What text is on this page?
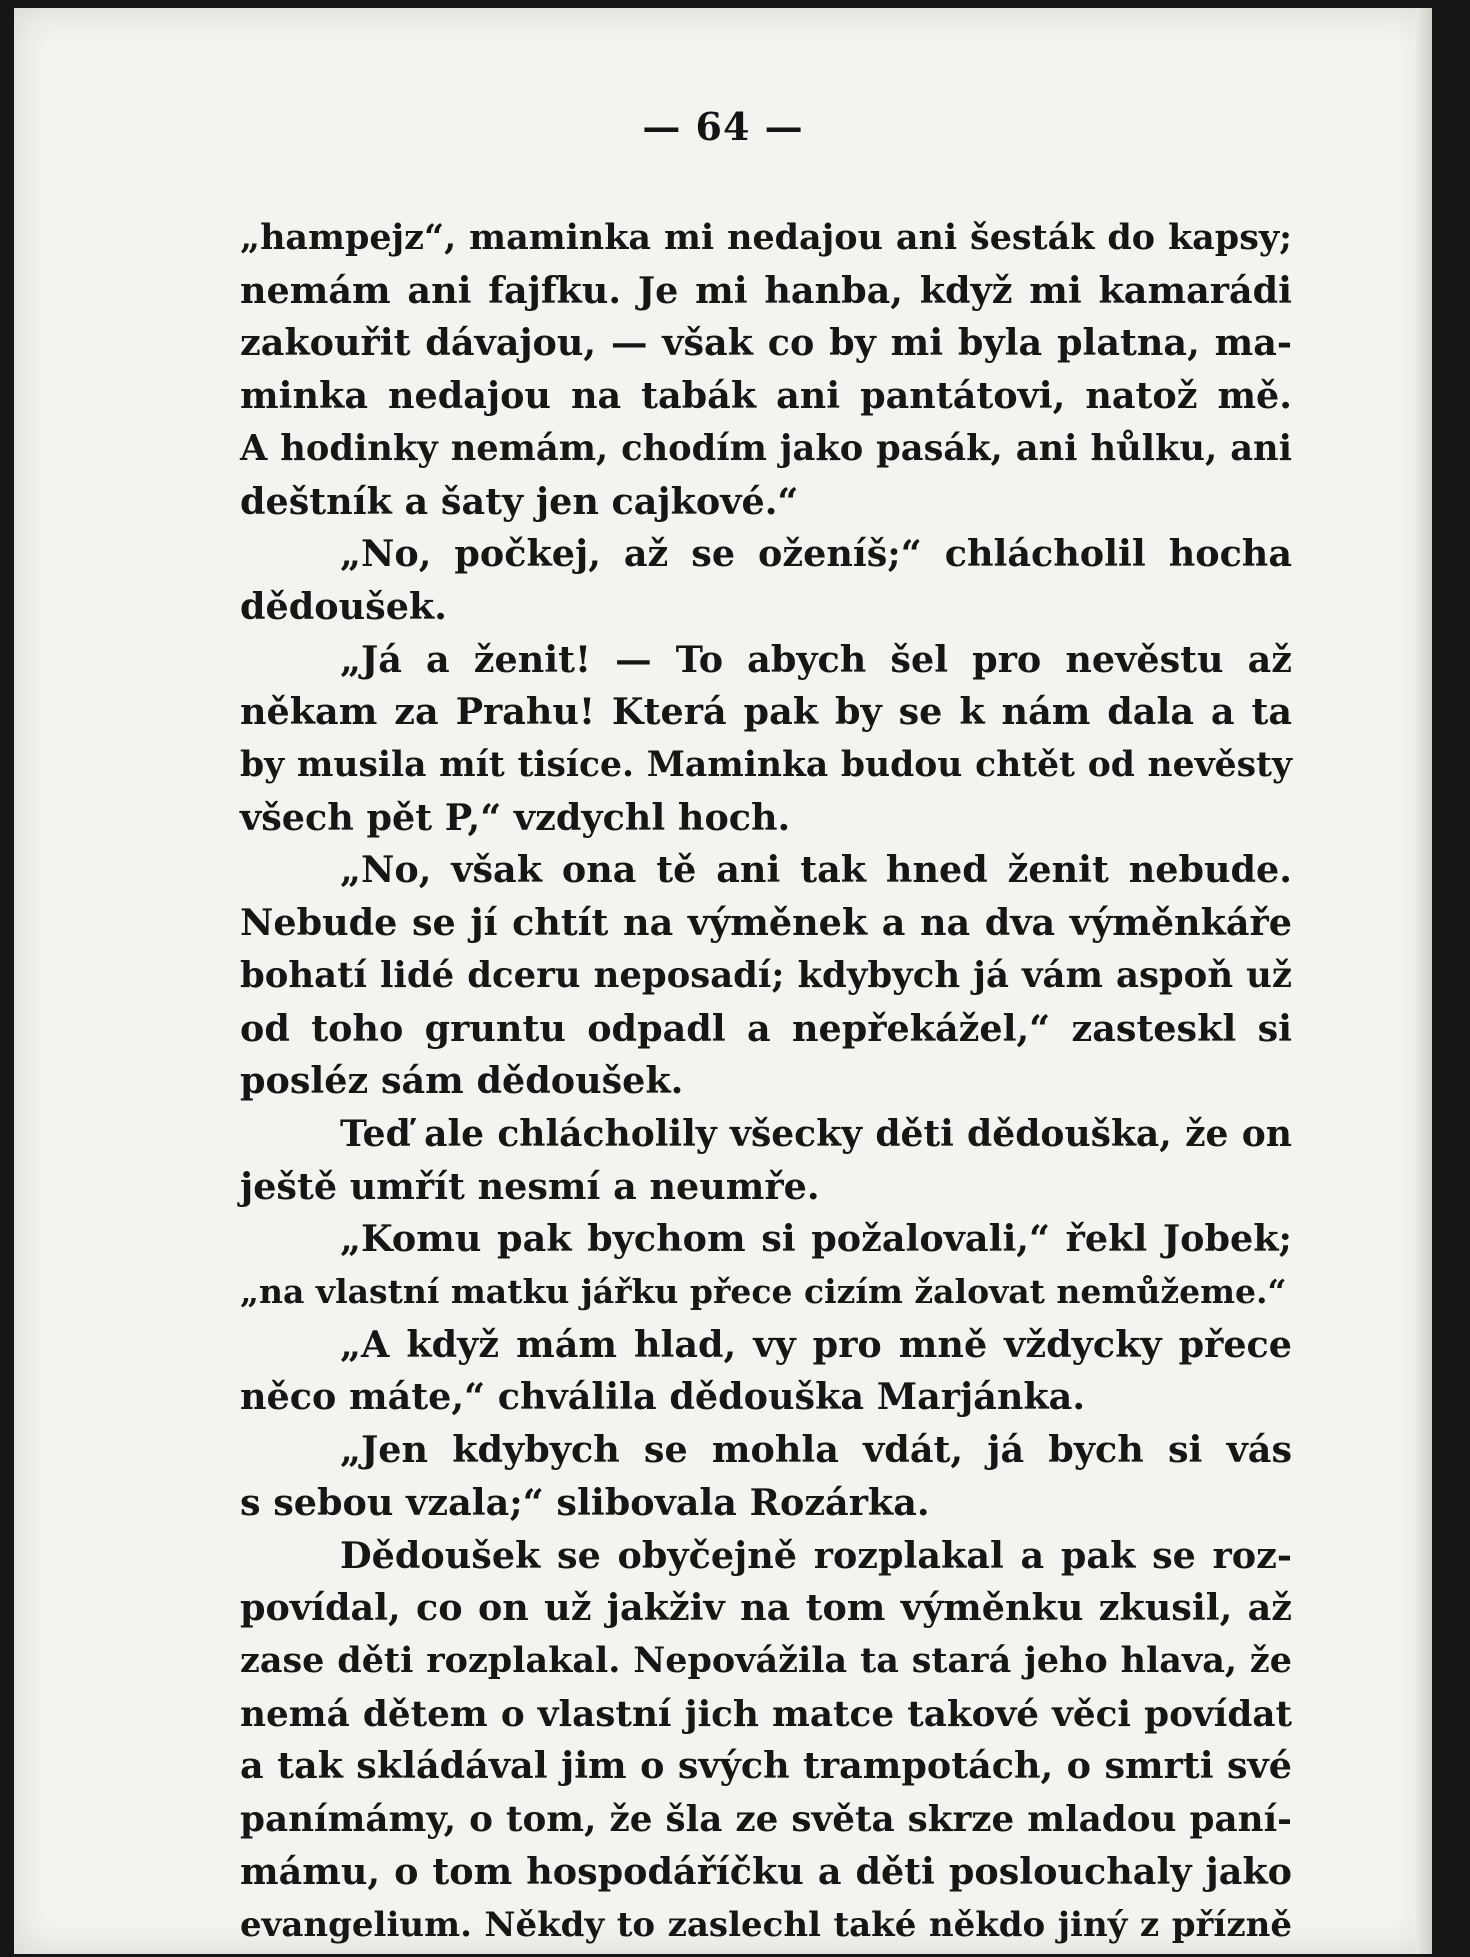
— 64 —
„hampejz“, maminka mi nedajou ani šesták do kapsy;
nemám ani fajfku. Je mi hanba, když mi kamarádi
zakouřit dávajou, — však co by mi byla platna, ma-
minka nedajou na tabák ani pantátovi, natož mě.
A hodinky nemám, chodím jako pasák, ani hůlku, ani
deštník a šaty jen cajkové.“
„No, počkej, až se oženíš;“ chlácholil hocha
dědoušek.
„Já a ženit! — To abych šel pro nevěstu až
někam za Prahu! Která pak by se k nám dala a ta
by musila mít tisíce. Maminka budou chtět od nevěsty
všech pět P,“ vzdychl hoch.
„No, však ona tě ani tak hned ženit nebude.
Nebude se jí chtít na výměnek a na dva výměnkáře
bohatí lidé dceru neposadí; kdybych já vám aspoň už
od toho gruntu odpadl a nepřekážel,“ zasteskl si
posléz sám dědoušek.
Teď ale chlácholily všecky děti dědouška, že on
ještě umřít nesmí a neumře.
„Komu pak bychom si požalovali,“ řekl Jobek;
„na vlastní matku jářku přece cizím žalovat nemůžeme.“
„A když mám hlad, vy pro mně vždycky přece
něco máte,“ chválila dědouška Marjánka.
„Jen kdybych se mohla vdát, já bych si vás
s sebou vzala;“ slibovala Rozárka.
Dědoušek se obyčejně rozplakal a pak se roz-
povídal, co on už jakživ na tom výměnku zkusil, až
zase děti rozplakal. Nepovážila ta stará jeho hlava, že
nemá dětem o vlastní jich matce takové věci povídat
a tak skládával jim o svých trampotách, o smrti své
panímámy, o tom, že šla ze světa skrze mladou paní-
mámu, o tom hospodáříčku a děti poslouchaly jako
evangelium. Někdy to zaslechl také někdo jiný z přízně
